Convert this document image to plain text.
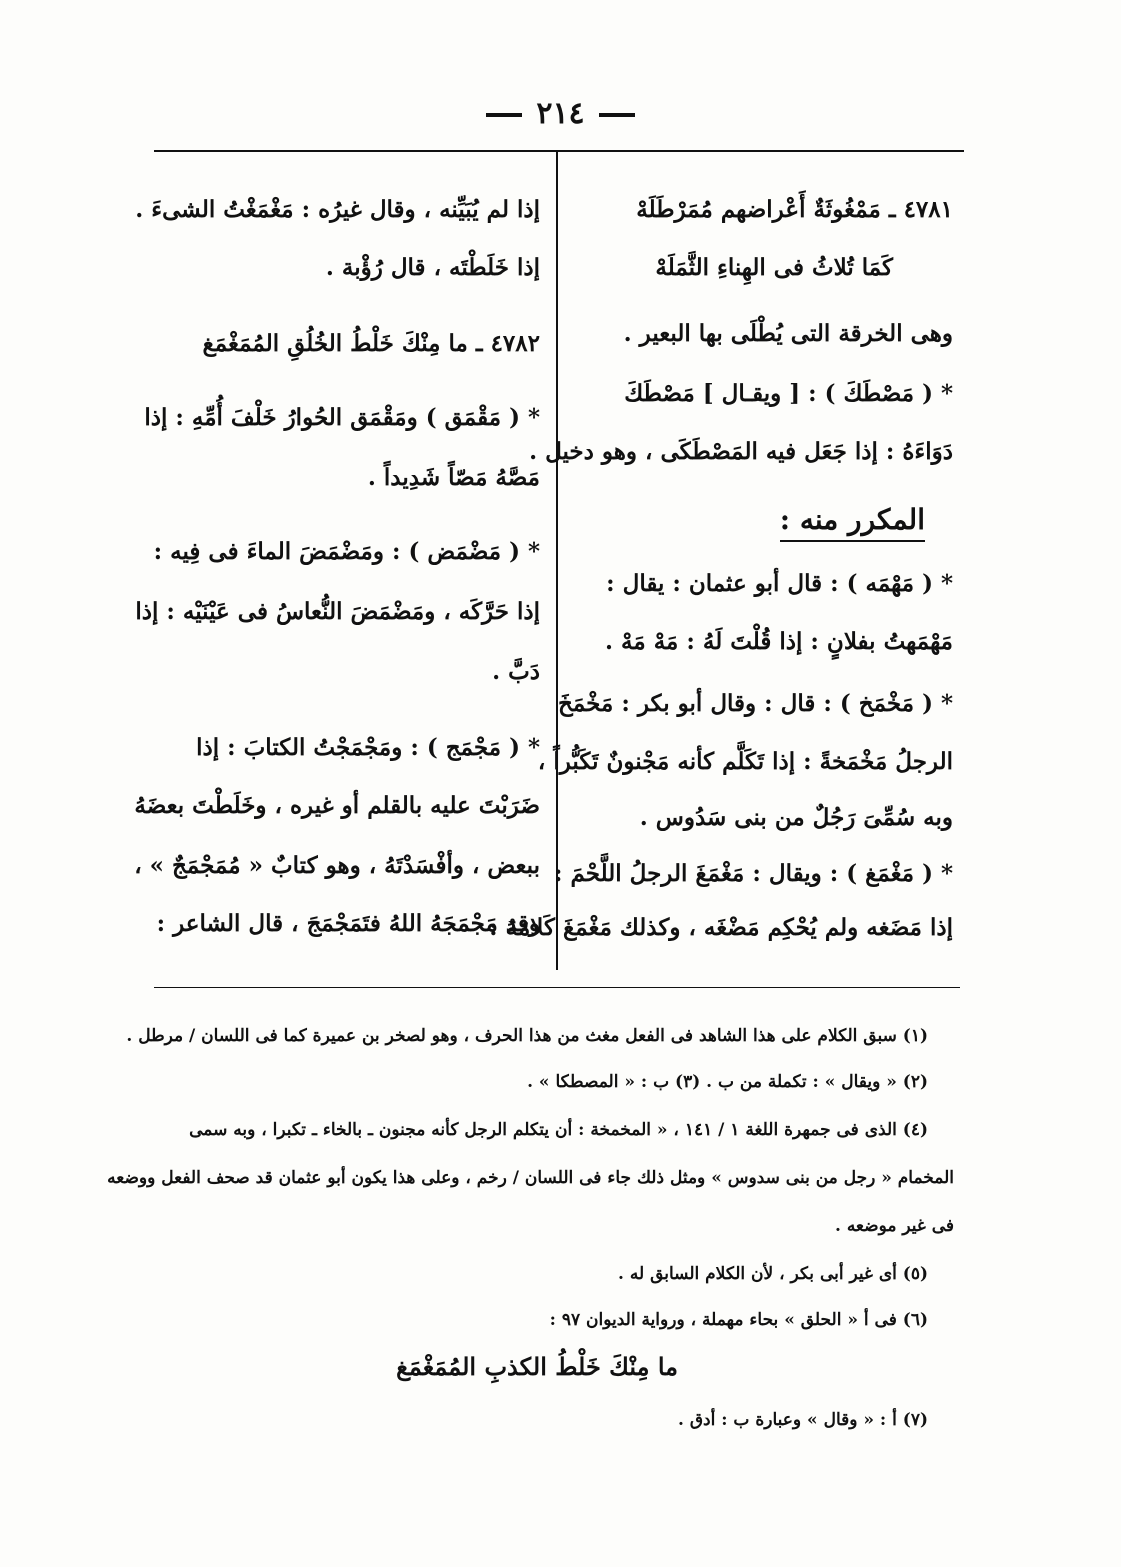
٢١٤
٤٧٨١ ـ مَمْغُوثَةٌ أَعْراضهم مُمَرْطَلَهْ
كَمَا تُلاثُ فى الهِناءِ الثَّمَلَهْ
وهى الخرقة التى يُطْلَى بها البعير .
* ( مَصْطَكَ ) : [ ويقـال ] مَصْطَكَ
دَوَاءَهُ : إذا جَعَل فيه المَصْطَكَى ، وهو دخيل .
المكرر منه :
* ( مَهْمَه ) : قال أبو عثمان : يقال :
مَهْمَهتُ بفلانٍ : إذا قُلْتَ لَهُ : مَهْ مَهْ .
* ( مَخْمَخ ) : قال : وقال أبو بكر : مَخْمَخَ
الرجلُ مَخْمَخةً : إذا تَكَلَّم كأنه مَجْنونٌ تَكَبُّراً ،
وبه سُمِّىَ رَجُلٌ من بنى سَدُوس .
* ( مَغْمَغ ) : ويقال : مَغْمَغَ الرجلُ اللَّحْمَ :
إذا مَضَغه ولم يُحْكِم مَضْغَه ، وكذلك مَغْمَغَ كَلامَهُ :
إذا لم يُبَيِّنه ، وقال غيرُه : مَغْمَغْتُ الشىءَ .
إذا خَلَطْتَه ، قال رُؤْبة .
٤٧٨٢ ـ ما مِنْكَ خَلْطُ الخُلُقِ المُمَغْمَغ
* ( مَقْمَق ) ومَقْمَق الحُوارُ خَلْفَ أُمِّهِ : إذا
مَصَّهُ مَصّاً شَدِيداً .
* ( مَضْمَض ) : ومَضْمَضَ الماءَ فى فِيه :
إذا حَرَّكَه ، ومَضْمَضَ النُّعاسُ فى عَيْنَيْه : إذا
دَبَّ .
* ( مَجْمَج ) : ومَجْمَجْتُ الكتابَ : إذا
ضَرَبْتَ عليه بالقلم أو غيره ، وخَلَطْتَ بعضَهُ
ببعض ، وأفْسَدْتَهُ ، وهو كتابٌ « مُمَجْمَجٌ » ،
وقد مَجْمَجَهُ اللهُ فتَمَجْمَجَ ، قال الشاعر :
(١) سبق الكلام على هذا الشاهد فى الفعل مغث من هذا الحرف ، وهو لصخر بن عميرة كما فى اللسان / مرطل .
(٢) « ويقال » : تكملة من ب . (٣) ب : « المصطكا » .
(٤) الذى فى جمهرة اللغة ١ / ١٤١ ، « المخمخة : أن يتكلم الرجل كأنه مجنون ـ بالخاء ـ تكبرا ، وبه سمى
المخمام « رجل من بنى سدوس » ومثل ذلك جاء فى اللسان / رخم ، وعلى هذا يكون أبو عثمان قد صحف الفعل ووضعه
فى غير موضعه .
(٥) أى غير أبى بكر ، لأن الكلام السابق له .
(٦) فى أ « الحلق » بحاء مهملة ، ورواية الديوان ٩٧ :
ما مِنْكَ خَلْطُ الكذبِ المُمَغْمَغ
(٧) أ : « وقال » وعبارة ب : أدق .
